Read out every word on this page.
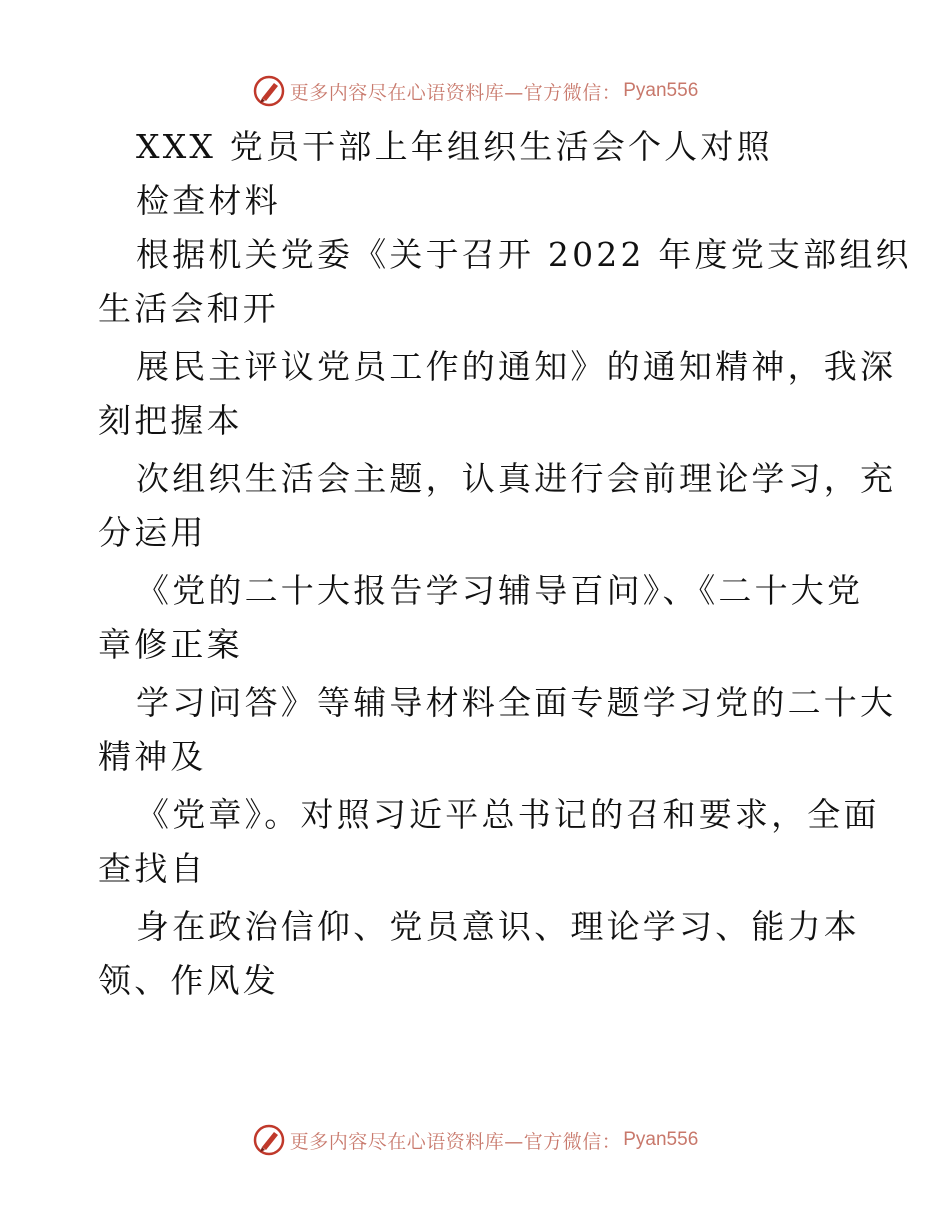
更多内容尽在心语资料库—官方微信： Pyan556
XXX 党员干部上年组织生活会个人对照
检查材料
根据机关党委《关于召开 2022 年度党支部组织
生活会和开
展民主评议党员工作的通知》的通知精神，我深
刻把握本
次组织生活会主题，认真进行会前理论学习，充
分运用
《党的二十大报告学习辅导百问》、《二十大党
章修正案
学习问答》等辅导材料全面专题学习党的二十大
精神及
《党章》。对照习近平总书记的召和要求，全面
查找自
身在政治信仰、党员意识、理论学习、能力本
领、作风发
更多内容尽在心语资料库—官方微信： Pyan556
